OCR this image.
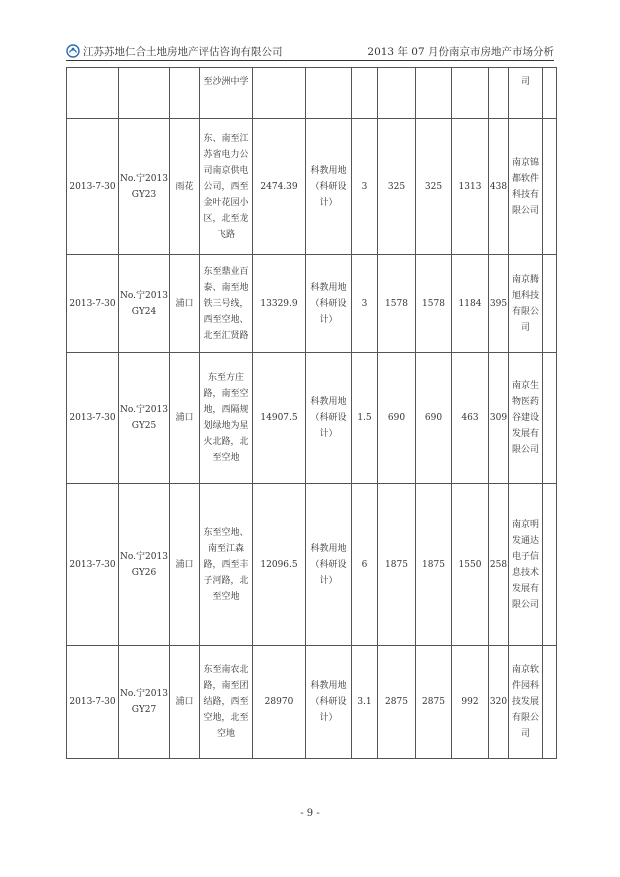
江苏苏地仁合土地房地产评估咨询有限公司	2013 年 07 月份南京市房地产市场分析
			至沙洲中学								司	
2013-7-30	No.宁2013GY23	雨花	东、南至江苏省电力公司南京供电公司，西至金叶花园小区，北至龙飞路	2474.39	科教用地（科研设计）	3	325	325	1313	438	南京锦都软件科技有限公司	
2013-7-30	No.宁2013GY24	浦口	东至鼎业百泰、南至地铁三号线，西至空地、北至汇贤路	13329.9	科教用地（科研设计）	3	1578	1578	1184	395	南京腾旭科技有限公司	
2013-7-30	No.宁2013GY25	浦口	东至方庄路，南至空地，西隔规划绿地为星火北路，北至空地	14907.5	科教用地（科研设计）	1.5	690	690	463	309	南京生物医药谷建设发展有限公司	
2013-7-30	No.宁2013GY26	浦口	东至空地、南至江森路，西至丰子河路，北至空地	12096.5	科教用地（科研设计）	6	1875	1875	1550	258	南京明发通达电子信息技术发展有限公司	
2013-7-30	No.宁2013GY27	浦口	东至南农北路，南至团结路，西至空地，北至空地	28970	科教用地（科研设计）	3.1	2875	2875	992	320	南京软件园科技发展有限公司	
- 9 -
